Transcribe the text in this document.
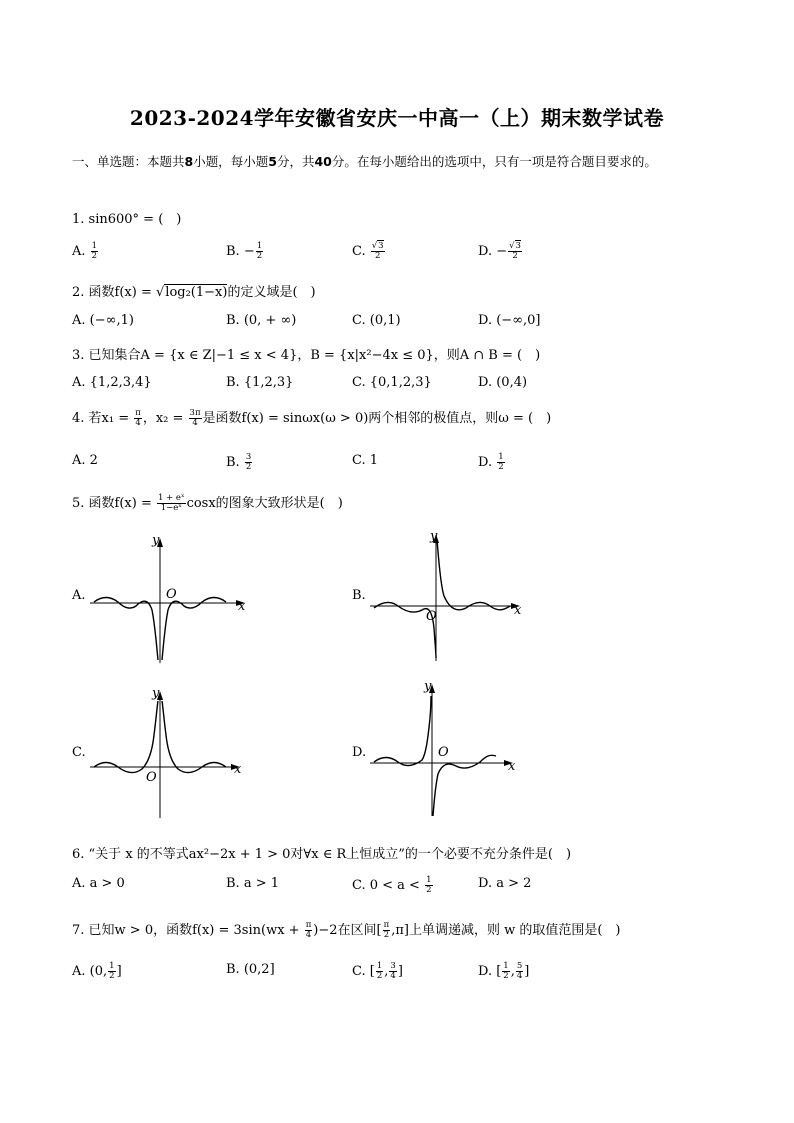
2023-2024学年安徽省安庆一中高一（上）期末数学试卷
一、单选题：本题共8小题，每小题5分，共40分。在每小题给出的选项中，只有一项是符合题目要求的。
1. sin600° = (　)
A. $\frac{1}{2}$	B. − $\frac{1}{2}$	C. $\frac{√3}{2}$	D. − $\frac{√3}{2}$
2. 函数f(x) = √log₂(1−x)的定义域是(　)
A. (−∞,1)	B. (0, + ∞)	C. (0,1)	D. (−∞,0]
3. 已知集合A = {x ∈ Z|−1 ≤ x < 4}，B = {x|x²−4x ≤ 0}，则A ∩ B = (　)
A. {1,2,3,4}	B. {1,2,3}	C. {0,1,2,3}	D. (0,4)
4. 若$x_1 = \frac{\pi}{4}$ ，$x_2 = \frac{3\pi}{4}$ 是函数f(x) = sinωx(ω > 0)两个相邻的极值点，则ω = (　)
A. 2	B. $\frac{3}{2}$	C. 1	D. $\frac{1}{2}$
5. 函数$f(x) = \frac{\text{1 + eˣ}}{\text{1−eˣ}}$ cosx的图象大致形状是(　)
A.
y
x
O	B.
y
x
O
C.
y
x
O
D.
y
x
O
6. “关于 x 的不等式ax²−2x + 1 > 0对∀x ∈ R上恒成立”的一个必要不充分条件是(　)
A. a > 0	B. a > 1	C. $0 < a < \frac{1}{2}$	D. a > 2
7. 已知w > 0，函数$f(x) = 3\sin(wx + \frac{\pi}{4} )-2$在区间[ $\frac{\pi}{2} ,\pi$]上单调递减，则 w 的取值范围是(　)
A. (0, $\frac{1}{2}$ ]	B. (0,2]	C. [ $\frac{1}{2}$ , $\frac{3}{4}$ ]	D. [ $\frac{1}{2}$ , $\frac{5}{4}$ ]
